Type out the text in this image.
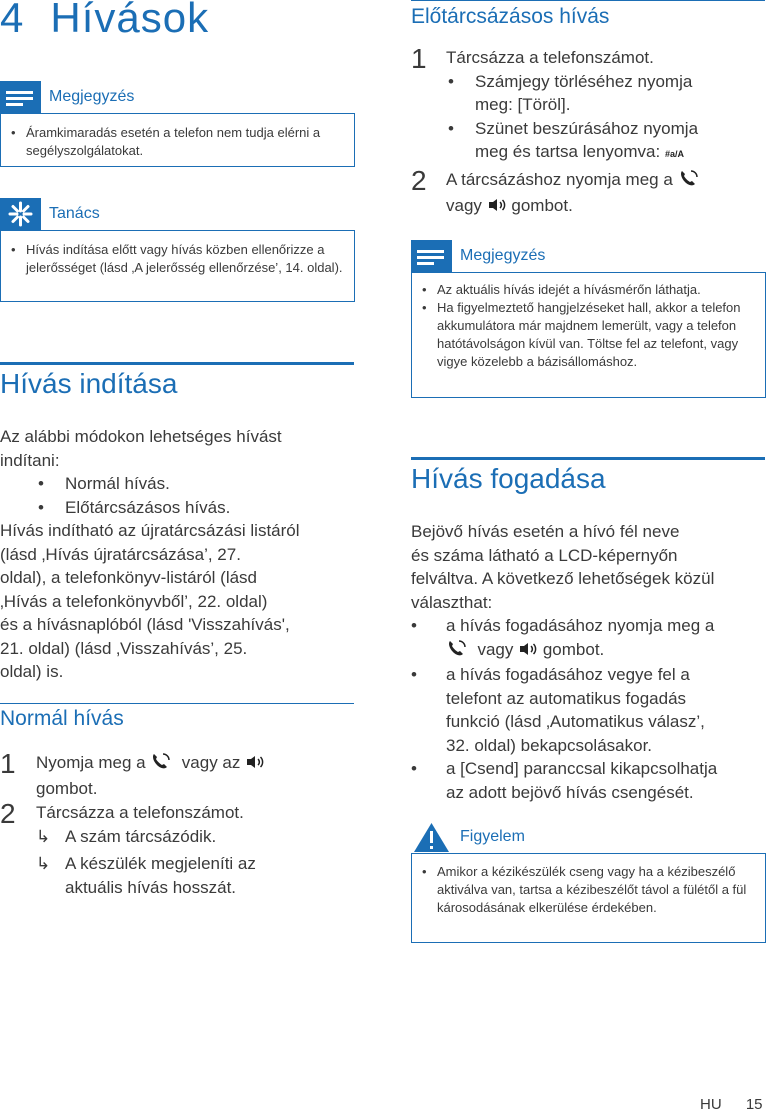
4 Hívások
Megjegyzés
• Áramkimaradás esetén a telefon nem tudja elérni a segélyszolgálatokat.
Tanács
• Hívás indítása előtt vagy hívás közben ellenőrizze a jelerősséget (lásd ‚A jelerősség ellenőrzése’, 14. oldal).
Hívás indítása
Az alábbi módokon lehetséges hívást
indítani:
• Normál hívás.
• Előtárcsázásos hívás.
Hívás indítható az újratárcsázási listáról
(lásd ‚Hívás újratárcsázása’, 27.
oldal), a telefonkönyv-listáról (lásd
‚Hívás a telefonkönyvből’, 22. oldal)
és a hívásnaplóból (lásd 'Visszahívás',
21. oldal) (lásd ‚Visszahívás’, 25.
oldal) is.
Normál hívás
1 Nyomja meg a vagy az
gombot.
2 Tárcsázza a telefonszámot.
↳ A szám tárcsázódik.
↳ A készülék megjeleníti az
aktuális hívás hosszát.
Előtárcsázásos hívás
1 Tárcsázza a telefonszámot.
• Számjegy törléséhez nyomja
meg: [Töröl].
• Szünet beszúrásához nyomja
meg és tartsa lenyomva: #a/A
2 A tárcsázáshoz nyomja meg a
vagy gombot.
Megjegyzés
• Az aktuális hívás idejét a hívásmérőn láthatja.
• Ha figyelmeztető hangjelzéseket hall, akkor a telefon akkumulátora már majdnem lemerült, vagy a telefon hatótávolságon kívül van. Töltse fel az telefont, vagy vigye közelebb a bázisállomáshoz.
Hívás fogadása
Bejövő hívás esetén a hívó fél neve
és száma látható a LCD-képernyőn
felváltva. A következő lehetőségek közül
választhat:
• a hívás fogadásához nyomja meg a
vagy gombot.
• a hívás fogadásához vegye fel a
telefont az automatikus fogadás
funkció (lásd ‚Automatikus válasz’,
32. oldal) bekapcsolásakor.
• a [Csend] paranccsal kikapcsolhatja
az adott bejövő hívás csengését.
Figyelem
• Amikor a kézikészülék cseng vagy ha a kézibeszélő aktiválva van, tartsa a kézibeszélőt távol a fülétől a fül károsodásának elkerülése érdekében.
HU 15
